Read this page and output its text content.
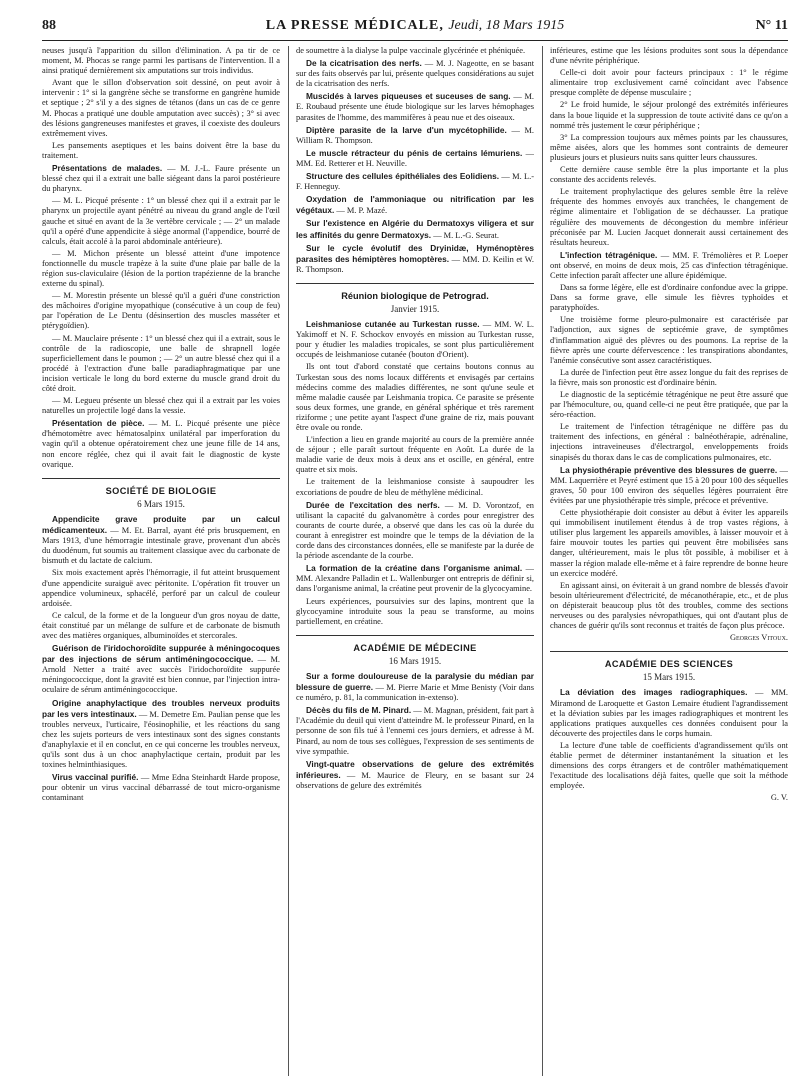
88	LA PRESSE MÉDICALE, Jeudi, 18 Mars 1915	N° 11

neuses jusqu'à l'apparition du sillon d'élimination. A pa tir de ce moment, M. Phocas se range parmi les partisans de l'intervention. Il a ainsi pratiqué dernièrement six amputations sur trois individus.

Avant que le sillon d'observation soit dessiné, on peut avoir à intervenir : 1° si la gangrène sèche se transforme en gangrène humide et septique ; 2° s'il y a des signes de tétanos (dans un cas de ce genre M. Phocas a pratiqué une double amputation avec succès) ; 3° si avec des lésions gangreneuses manifestes et graves, il coexiste des douleurs extrêmement vives.

Les pansements aseptiques et les bains doivent être la base du traitement.

Présentations de malades. — M. J.-L. Faure présente un blessé chez qui il a extrait une balle siégeant dans la paroi postérieure du pharynx.

— M. L. Picqué présente : 1° un blessé chez qui il a extrait par le pharynx un projectile ayant pénétré au niveau du grand angle de l'œil gauche et situé en avant de la 3e vertèbre cervicale ; — 2° un malade qu'il a opéré d'une appendicite à siège anormal (l'appendice, bourré de calculs, était accolé à la paroi abdominale antérieure).

— M. Michon présente un blessé atteint d'une impotence fonctionnelle du muscle trapèze à la suite d'une plaie par balle de la région sus-claviculaire (lésion de la portion trapézienne de la branche externe du spinal).

— M. Morestin présente un blessé qu'il a guéri d'une constriction des mâchoires d'origine myopathique (consécutive à un coup de feu) par l'opération de Le Dentu (désinsertion des muscles masséter et ptérygoïdien).

— M. Mauclaire présente : 1° un blessé chez qui il a extrait, sous le contrôle de la radioscopie, une balle de shrapnell logée superficiellement dans le poumon ; — 2° un autre blessé chez qui il a procédé à l'extraction d'une balle paradiaphragmatique par une incision verticale le long du bord externe du muscle grand droit du côté droit.

— M. Legueu présente un blessé chez qui il a extrait par les voies naturelles un projectile logé dans la vessie.

Présentation de pièce. — M. L. Picqué présente une pièce d'hémotomètre avec hématosalpinx unilatéral par imperforation du vagin qu'il a obtenue opératoirement chez une jeune fille de 14 ans, non encore réglée, chez qui il avait fait le diagnostic de kyste ovarique.

SOCIÉTÉ DE BIOLOGIE
6 Mars 1915.

Appendicite grave produite par un calcul médicamenteux. — M. Et. Barral, ayant été pris brusquement, en Mars 1913, d'une hémorragie intestinale grave, provenant d'un abcès du duodénum, fut soumis au traitement classique avec du carbonate de bismuth et du lactate de calcium.

Six mois exactement après l'hémorragie, il fut atteint brusquement d'une appendicite suraiguë avec péritonite. L'opération fit trouver un appendice volumineux, sphacélé, perforé par un calcul de couleur ardoisée.

Ce calcul, de la forme et de la longueur d'un gros noyau de datte, était constitué par un mélange de sulfure et de carbonate de bismuth avec des matières organiques, albuminoïdes et stercorales.

Guérison de l'iridochoroïdite suppurée à méningocoques par des injections de sérum antiméningococcique. — M. Arnold Netter a traité avec succès l'iridochoroïdite suppurée méningococcique, dont la gravité est bien connue, par l'injection intra-oculaire de sérum antiméningococcique.

Origine anaphylactique des troubles nerveux produits par les vers intestinaux. — M. Demetre Em. Paulian pense que les troubles nerveux, l'urticaire, l'éosinophilie, et les réactions du sang chez les sujets porteurs de vers intestinaux sont des signes constants d'anaphylaxie et il en conclut, en ce qui concerne les troubles nerveux, qu'ils sont dus à un choc anaphylactique certain, produit par les toxines helminthiasiques.

Virus vaccinal purifié. — Mme Edna Steinhardt Harde propose, pour obtenir un virus vaccinal débarrassé de tout micro-organisme contaminant

de soumettre à la dialyse la pulpe vaccinale glycérinée et phéniquée.

De la cicatrisation des nerfs. — M. J. Nageotte, en se basant sur des faits observés par lui, présente quelques considérations au sujet de la cicatrisation des nerfs.

Muscidés à larves piqueuses et suceuses de sang. — M. E. Roubaud présente une étude biologique sur les larves hémophages parasites de l'homme, des mammifères à peau nue et des oiseaux.

Diptère parasite de la larve d'un mycétophilide. — M. William R. Thompson.

Le muscle rétracteur du pénis de certains lémuriens. — MM. Ed. Retterer et H. Neuville.

Structure des cellules épithéliales des Eolidiens. — M. L.-F. Henneguy.

Oxydation de l'ammoniaque ou nitrification par les végétaux. — M. P. Mazé.

Sur l'existence en Algérie du Dermatoxys viligera et sur les affinités du genre Dermatoxys. — M. L.-G. Seurat.

Sur le cycle évolutif des Dryinidæ, Hyménoptères parasites des hémiptères homoptères. — MM. D. Keilin et W. R. Thompson.

Réunion biologique de Petrograd.
Janvier 1915.

Leishmaniose cutanée au Turkestan russe. — MM. W. L. Yakimoff et N. F. Schockov envoyés en mission au Turkestan russe, pour y étudier les maladies tropicales, se sont plus particulièrement occupés de leishmaniose cutanée (bouton d'Orient).

Ils ont tout d'abord constaté que certains boutons connus au Turkestan sous des noms locaux différents et envisagés par certains médecins comme des maladies différentes, ne sont qu'une seule et même maladie causée par Leishmania tropica. Ce parasite se présente sous deux formes, une grande, en général sphérique et très rarement riziforme ; une petite ayant l'aspect d'une graine de riz, mais pouvant être ovale ou ronde.

L'infection a lieu en grande majorité au cours de la première année de séjour ; elle paraît surtout fréquente en Août. La durée de la maladie varie de deux mois à deux ans et oscille, en général, entre quatre et six mois.

Le traitement de la leishmaniose consiste à saupoudrer les excoriations de poudre de bleu de méthylène médicinal.

Durée de l'excitation des nerfs. — M. D. Vorontzof, en utilisant la capacité du galvanomètre à cordes pour enregistrer des courants de courte durée, a observé que dans les cas où la durée du courant à enregistrer est moindre que le temps de la déviation de la corde dans des circonstances données, elle se manifeste par la durée de la période ascendante de la courbe.

La formation de la créatine dans l'organisme animal. — MM. Alexandre Palladin et L. Wallenburger ont entrepris de définir si, dans l'organisme animal, la créatine peut provenir de la glycocyamine.

Leurs expériences, poursuivies sur des lapins, montrent que la glycocyamine introduite sous la peau se transforme, au moins partiellement, en créatine.

ACADÉMIE DE MÉDECINE
16 Mars 1915.

Sur a forme douloureuse de la paralysie du médian par blessure de guerre. — M. Pierre Marie et Mme Benisty (Voir dans ce numéro, p. 81, la communication in-extenso).

Décès du fils de M. Pinard. — M. Magnan, président, fait part à l'Académie du deuil qui vient d'atteindre M. le professeur Pinard, en la personne de son fils tué à l'ennemi ces jours derniers, et adresse à M. Pinard, au nom de tous ses collègues, l'expression de ses sentiments de vive sympathie.

Vingt-quatre observations de gelure des extrémités inférieures. — M. Maurice de Fleury, en se basant sur 24 observations de gelure des extrémités

inférieures, estime que les lésions produites sont sous la dépendance d'une névrite périphérique.

Celle-ci doit avoir pour facteurs principaux : 1° le régime alimentaire trop exclusivement carné coïncidant avec l'absence presque complète de dépense musculaire ;

2° Le froid humide, le séjour prolongé des extrémités inférieures dans la boue liquide et la suppression de toute activité dans ce qu'on a nommé très justement le cœur périphérique ;

3° La compression toujours aux mêmes points par les chaussures, même aisées, alors que les hommes sont contraints de demeurer plusieurs jours et plusieurs nuits sans quitter leurs chaussures.

Cette dernière cause semble être la plus importante et la plus constante des accidents relevés.

Le traitement prophylactique des gelures semble être la relève fréquente des hommes envoyés aux tranchées, le changement de régime alimentaire et l'obligation de se déchausser. La pratique régulière des mouvements de décongestion du membre inférieur préconisée par M. Lucien Jacquet donnerait aussi certainement des résultats heureux.

L'infection tétragénique. — MM. F. Trémolières et P. Loeper ont observé, en moins de deux mois, 25 cas d'infection tétragénique. Cette infection paraît affecter une allure épidémique.

Dans sa forme légère, elle est d'ordinaire confondue avec la grippe. Dans sa forme grave, elle simule les fièvres typhoïdes et paratyphoïdes.

Une troisième forme pleuro-pulmonaire est caractérisée par l'adjonction, aux signes de septicémie grave, de symptômes d'inflammation aiguë des plèvres ou des poumons. La reprise de la fièvre après une courte défervescence : les transpirations abondantes, l'anémie consécutive sont assez caractéristiques.

La durée de l'infection peut être assez longue du fait des reprises de la fièvre, mais son pronostic est d'ordinaire bénin.

Le diagnostic de la septicémie tétragénique ne peut être assuré que par l'hémoculture, ou, quand celle-ci ne peut être pratiquée, que par la séro-réaction.

Le traitement de l'infection tétragénique ne diffère pas du traitement des infections, en général : balnéothérapie, adrénaline, injections intraveineuses d'électrargol, enveloppements froids sinapisés du thorax dans le cas de complications pulmonaires, etc.

La physiothérapie préventive des blessures de guerre. — MM. Laquerrière et Peyré estiment que 15 à 20 pour 100 des séquelles graves, 50 pour 100 environ des séquelles légères pourraient être évitées par une physiothérapie très simple, précoce et préventive.

Cette physiothérapie doit consister au début à éviter les appareils qui immobilisent inutilement étendus à de trop vastes régions, à utiliser plus largement les appareils amovibles, à laisser mouvoir et à faire mouvoir toutes les parties qui peuvent être mobilisées sans danger, ultérieurement, mais le plus tôt possible, à mobiliser et à masser la région malade elle-même et à faire reprendre de bonne heure un exercice modéré.

En agissant ainsi, on éviterait à un grand nombre de blessés d'avoir besoin ultérieurement d'électricité, de mécanothérapie, etc., et de plus on dépisterait beaucoup plus tôt des troubles, comme des sections nerveuses ou des paralysies névropathiques, qui ont d'autant plus de chances de guérir qu'ils sont reconnus et traités de façon plus précoce.

Georges Vitoux.

ACADÉMIE DES SCIENCES
15 Mars 1915.

La déviation des images radiographiques. — MM. Miramond de Laroquette et Gaston Lemaire étudient l'agrandissement et la déviation subies par les images radiographiques et montrent les applications pratiques auxquelles ces données conduisent pour la découverte des projectiles dans le corps humain.

La lecture d'une table de coefficients d'agrandissement qu'ils ont établie permet de déterminer instantanément la situation et les dimensions des corps étrangers et de contrôler mathématiquement l'exactitude des localisations déjà faites, quelle que soit la méthode employée.

G. V.
